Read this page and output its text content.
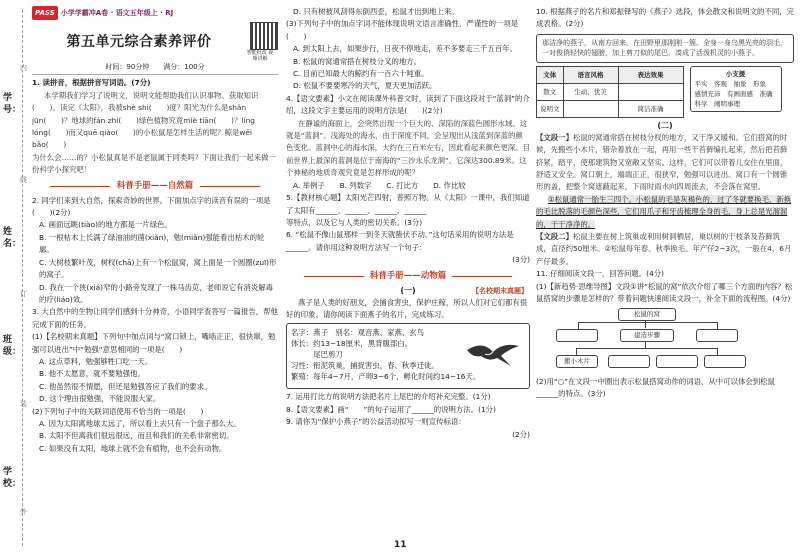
学号：
姓名：
班级：
学校：
内
线
订
装
外
PASS 小学学霸冲A卷 · 语文五年级上 · RJ
第五单元综合素养评价
智能批改 视频讲解
时间：90分钟　　满分：100分

1. 读拼音，根据拼音写词语。(7分)

本学期我们学习了说明文，说明文能帮助我们认识事物、获取知识(　　)。读完《太阳》，我被shè shì(　　)度？阳光为什么是shǎn jūn(　　)？地球的fán zhí(　　)绿色植物究竟miè tiān(　　)？líng lóng(　　)而又quē qiào(　　)的小松鼠是怎样生活的呢？鲸是wēi bǎo(　　)

为什么会……的？小松鼠真是不是老鼠属于同类吗？下面让我们一起来做一份科学小探究吧！

科普手册——自然篇

2. 同学们来到大自然，探索奇妙的世界。下面加点字的读音有误的一项是(　　)(2分)

A. 画面远眺(tiào)的地方都是一片绿色。

B. 一根枯木上长满了绿油油的菌(xiǎn)，勉(miǎn)强能看出枯木的轮廓。

C. 大树枝繁叶茂，树杈(chā)上有一个松鼠窝，窝上面是一个圆圈(zuī)形的窝子。

D. 我在一个狭(xiá)窄的小路旁发现了一株马齿苋，老师说它有消炎解毒的疗(liáo)效。

3. 大自然中的生物让同学们感到十分神奇，小语同学查答写一篇报告，帮他完成下面的任务。

(1)【名校期末真题】下列句中加点词与“窝口锁上，嘴啮正正，很快窜，勉强可以进出”中“勉强”意思相同的一项是(　　)

A. 这点草料，勉强够牲口吃一天。

B. 他不太愿意，就不要勉强他。

C. 他虽然很不情愿，但还是勉强答应了我们的要求。

D. 这个理由很勉强，不能说服大家。

(2)下列句子中的关联词语使用不恰当的一项是(　　)

A. 因为太阳离地球太远了，所以看上去只有一个盘子那么大。

B. 太阳不但离我们很远很远，而且和我们的关系非常密切。

C. 如果没有太阳，地球上就不会有植物，也不会有动物。

D. 只有树被风刮得东倒西歪，松鼠才出到地上来。

(3)下列句子中的加点字词不能体现说明文语言准确性、严谨性的一项是(　　)

A. 到太阳上去，如果步行，日夜不停地走，差不多要走三千五百年。

B. 松鼠的窝通常搭在树枝分叉的地方。

C. 目前已知最大的鲸约有一百六十吨重。

D. 松鼠不要要寒冷的天气，夏天更加活跃。

4.【语文要素】小文在阅读课外科普文时，读到了下面这段对于“蓝洞”的介绍，这段文字主要运用的说明方法是(　　)(2分)

在静谧的海面上，会突然出现一个巨大的、深陷的深蓝色圆形水域。这就是“蓝洞”。浅海处的海水，由于深度不同，会呈现出从浅蓝到深蓝的颜色变化。蓝洞中心的海水深，大约在三百米左右，因此看起来颜色更深。目前世界上最深的蓝洞是位于南海的“三沙永乐龙洞”，它深达300.89米。这个神秘的地质奇观究竟是怎样形成的呢？

A. 举例子　　B. 列数字　　C. 打比方　　D. 作比较

5.【教材核心题】太阳光芒四射，普照万物。从《太阳》一课中，我们知道了太阳有______、______、______、______

等特点，以及它与人类的密切关系。(3分)

6. “松鼠不像山鼠那样一到冬天就蛰伏不动。”这句话采用的说明方法是______。请你用这种说明方法写一个句子：

(3分)

科普手册——动物篇
(一)	【名校期末真题】

燕子是人类的好朋友，会捕食害虫，保护庄稼，所以人们对它们都有很好的印象。请你阅读下面燕子的名片，完成练习。

名字：燕子　别名：观音燕、家燕、玄鸟

体长：约13~18厘米，黑背腹部白。

　　　尾巴剪刀

习性：衔泥筑巢，捕捉害虫，春、秋季迁徙。

繁殖：每年4~7月，产卵3~6个，孵化时间约14~16天。

7. 运用打比方的说明方法把名片上尾巴的介绍补充完整。(1分)

8.【语文要素】画“　　”的句子运用了______的说明方法。(1分)

9. 请你为“保护小燕子”的公益活动拟写一则宣传标语：

(2分)

10. 根据燕子的名片和郑振铎写的《燕子》选段，体会散文和说明文的不同，完成表格。(2分)

那洁净的燕子，从南方回来，在田野里那刚刚一簇。全身一身乌黑光亮的羽毛，一对俊俏轻快的翅膀，加上剪刀似的尾巴，凑成了活泼机灵的小燕子。
文体	语言风格	表达效果
散文	生动、优美	
说明文		简洁准确
小支援
平实　客观　抽象　形象　感情充沛　有画面感　准确科学　阐明事理
(二)

【文段一】松鼠的窝通常搭在树枝分杈的地方，又干净又暖和。它们搭窝的时候，先搬些小木片，错杂着放在一起，再用一些干苔藓编扎起来，然后把苔藓挤紧，踏平，使那建筑物又宽敞又坚实。这样，它们可以带着儿女住在里面，舒适又安全。窝口朝上，端端正正，很狭窄，勉强可以进出。窝口有一个圆锥形的盖，把整个窝遮蔽起来，下雨时雨水向四周流去，不会落在窝里。

①松鼠通常一胎生三四个。小松鼠的毛是灰褐色的，过了冬就要换毛，新换的毛比脱落的毛颜色深些，它们用爪子和牙齿梳理全身的毛，身上总是光溜溜的，干干净净的。

【文段二】松鼠主要在树上筑巢或利用树洞栖居，巢以树的干枝条及苔藓筑成，直径约50厘米。②松鼠每年春、秋季换毛。年产仔2~3次，一般在4、6月产仔最多。

11. 仔细阅读文段一，回答问题。(4分)

(1)【新趋势·思维导图】文段①讲“松鼠的窝”依次介绍了哪三个方面的内容？松鼠搭窝的步骤是怎样的？带着问题快速阅读文段一，补全下面的流程图。(4分)

松鼠的窝
建造步骤
搬小木片

(2)用“○”在文段一中圈出表示松鼠搭窝动作的词语，从中可以体会到松鼠______的特点。(3分)

11
